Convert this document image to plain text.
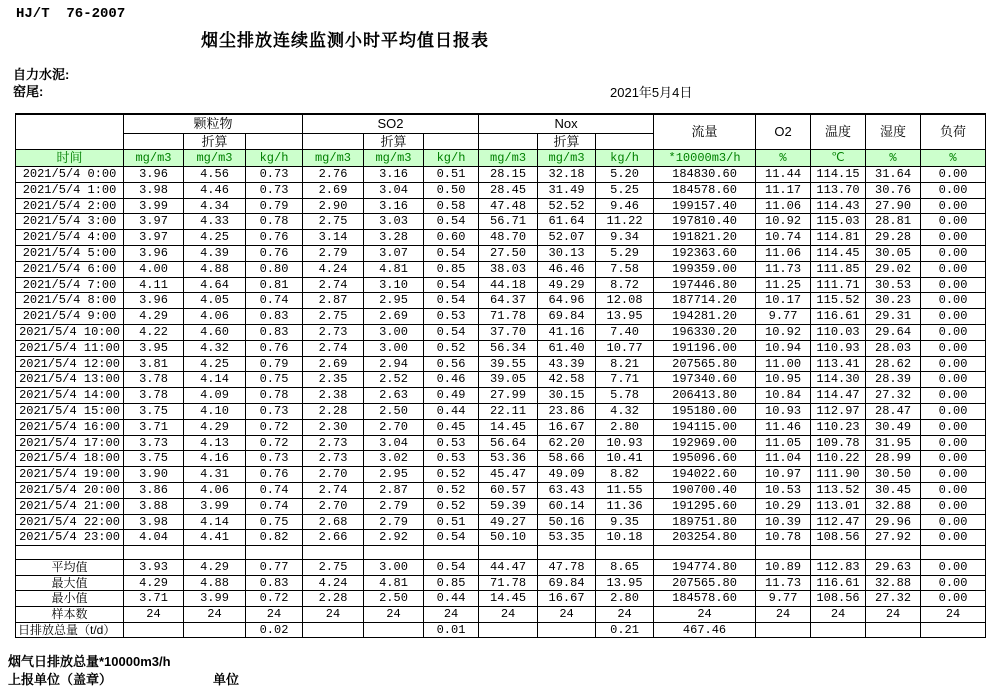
HJ/T  76-2007
烟尘排放连续监测小时平均值日报表
自力水泥:
窑尾:	2021年5月4日
	颗粒物			SO2			Nox			流量	O2	温度	湿度	负荷
		折算			折算			折算						
时间	mg/m3	mg/m3	kg/h	mg/m3	mg/m3	kg/h	mg/m3	mg/m3	kg/h	*10000m3/h	%	℃	%	%
2021/5/4 0:00	3.96	4.56	0.73	2.76	3.16	0.51	28.15	32.18	5.20	184830.60	11.44	114.15	31.64	0.00
2021/5/4 1:00	3.98	4.46	0.73	2.69	3.04	0.50	28.45	31.49	5.25	184578.60	11.17	113.70	30.76	0.00
2021/5/4 2:00	3.99	4.34	0.79	2.90	3.16	0.58	47.48	52.52	9.46	199157.40	11.06	114.43	27.90	0.00
2021/5/4 3:00	3.97	4.33	0.78	2.75	3.03	0.54	56.71	61.64	11.22	197810.40	10.92	115.03	28.81	0.00
2021/5/4 4:00	3.97	4.25	0.76	3.14	3.28	0.60	48.70	52.07	9.34	191821.20	10.74	114.81	29.28	0.00
2021/5/4 5:00	3.96	4.39	0.76	2.79	3.07	0.54	27.50	30.13	5.29	192363.60	11.06	114.45	30.05	0.00
2021/5/4 6:00	4.00	4.88	0.80	4.24	4.81	0.85	38.03	46.46	7.58	199359.00	11.73	111.85	29.02	0.00
2021/5/4 7:00	4.11	4.64	0.81	2.74	3.10	0.54	44.18	49.29	8.72	197446.80	11.25	111.71	30.53	0.00
2021/5/4 8:00	3.96	4.05	0.74	2.87	2.95	0.54	64.37	64.96	12.08	187714.20	10.17	115.52	30.23	0.00
2021/5/4 9:00	4.29	4.06	0.83	2.75	2.69	0.53	71.78	69.84	13.95	194281.20	9.77	116.61	29.31	0.00
2021/5/4 10:00	4.22	4.60	0.83	2.73	3.00	0.54	37.70	41.16	7.40	196330.20	10.92	110.03	29.64	0.00
2021/5/4 11:00	3.95	4.32	0.76	2.74	3.00	0.52	56.34	61.40	10.77	191196.00	10.94	110.93	28.03	0.00
2021/5/4 12:00	3.81	4.25	0.79	2.69	2.94	0.56	39.55	43.39	8.21	207565.80	11.00	113.41	28.62	0.00
2021/5/4 13:00	3.78	4.14	0.75	2.35	2.52	0.46	39.05	42.58	7.71	197340.60	10.95	114.30	28.39	0.00
2021/5/4 14:00	3.78	4.09	0.78	2.38	2.63	0.49	27.99	30.15	5.78	206413.80	10.84	114.47	27.32	0.00
2021/5/4 15:00	3.75	4.10	0.73	2.28	2.50	0.44	22.11	23.86	4.32	195180.00	10.93	112.97	28.47	0.00
2021/5/4 16:00	3.71	4.29	0.72	2.30	2.70	0.45	14.45	16.67	2.80	194115.00	11.46	110.23	30.49	0.00
2021/5/4 17:00	3.73	4.13	0.72	2.73	3.04	0.53	56.64	62.20	10.93	192969.00	11.05	109.78	31.95	0.00
2021/5/4 18:00	3.75	4.16	0.73	2.73	3.02	0.53	53.36	58.66	10.41	195096.60	11.04	110.22	28.99	0.00
2021/5/4 19:00	3.90	4.31	0.76	2.70	2.95	0.52	45.47	49.09	8.82	194022.60	10.97	111.90	30.50	0.00
2021/5/4 20:00	3.86	4.06	0.74	2.74	2.87	0.52	60.57	63.43	11.55	190700.40	10.53	113.52	30.45	0.00
2021/5/4 21:00	3.88	3.99	0.74	2.70	2.79	0.52	59.39	60.14	11.36	191295.60	10.29	113.01	32.88	0.00
2021/5/4 22:00	3.98	4.14	0.75	2.68	2.79	0.51	49.27	50.16	9.35	189751.80	10.39	112.47	29.96	0.00
2021/5/4 23:00	4.04	4.41	0.82	2.66	2.92	0.54	50.10	53.35	10.18	203254.80	10.78	108.56	27.92	0.00

平均值	3.93	4.29	0.77	2.75	3.00	0.54	44.47	47.78	8.65	194774.80	10.89	112.83	29.63	0.00
最大值	4.29	4.88	0.83	4.24	4.81	0.85	71.78	69.84	13.95	207565.80	11.73	116.61	32.88	0.00
最小值	3.71	3.99	0.72	2.28	2.50	0.44	14.45	16.67	2.80	184578.60	9.77	108.56	27.32	0.00
样本数	24	24	24	24	24	24	24	24	24	24	24	24	24	24
日排放总量（t/d）			0.02			0.01			0.21	467.46				
烟气日排放总量*10000m3/h
上报单位（盖章）	单位
